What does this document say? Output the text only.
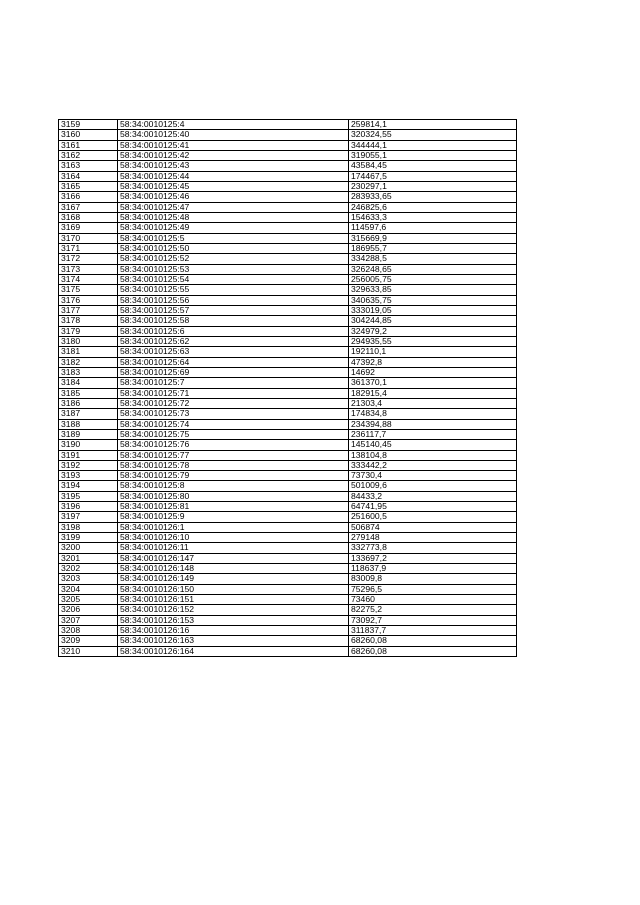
3159	58:34:0010125:4	259814,1
3160	58:34:0010125:40	320324,55
3161	58:34:0010125:41	344444,1
3162	58:34:0010125:42	319055,1
3163	58:34:0010125:43	43584,45
3164	58:34:0010125:44	174467,5
3165	58:34:0010125:45	230297,1
3166	58:34:0010125:46	283933,65
3167	58:34:0010125:47	246825,6
3168	58:34:0010125:48	154633,3
3169	58:34:0010125:49	114597,6
3170	58:34:0010125:5	315669,9
3171	58:34:0010125:50	186955,7
3172	58:34:0010125:52	334288,5
3173	58:34:0010125:53	326248,65
3174	58:34:0010125:54	256005,75
3175	58:34:0010125:55	329633,85
3176	58:34:0010125:56	340635,75
3177	58:34:0010125:57	333019,05
3178	58:34:0010125:58	304244,85
3179	58:34:0010125:6	324979,2
3180	58:34:0010125:62	294935,55
3181	58:34:0010125:63	192110,1
3182	58:34:0010125:64	47392,8
3183	58:34:0010125:69	14692
3184	58:34:0010125:7	361370,1
3185	58:34:0010125:71	182915,4
3186	58:34:0010125:72	21303,4
3187	58:34:0010125:73	174834,8
3188	58:34:0010125:74	234394,88
3189	58:34:0010125:75	236117,7
3190	58:34:0010125:76	145140,45
3191	58:34:0010125:77	138104,8
3192	58:34:0010125:78	333442,2
3193	58:34:0010125:79	73730,4
3194	58:34:0010125:8	501009,6
3195	58:34:0010125:80	84433,2
3196	58:34:0010125:81	64741,95
3197	58:34:0010125:9	251600,5
3198	58:34:0010126:1	506874
3199	58:34:0010126:10	279148
3200	58:34:0010126:11	332773,8
3201	58:34:0010126:147	133697,2
3202	58:34:0010126:148	118637,9
3203	58:34:0010126:149	83009,8
3204	58:34:0010126:150	75296,5
3205	58:34:0010126:151	73460
3206	58:34:0010126:152	82275,2
3207	58:34:0010126:153	73092,7
3208	58:34:0010126:16	311837,7
3209	58:34:0010126:163	68260,08
3210	58:34:0010126:164	68260,08
